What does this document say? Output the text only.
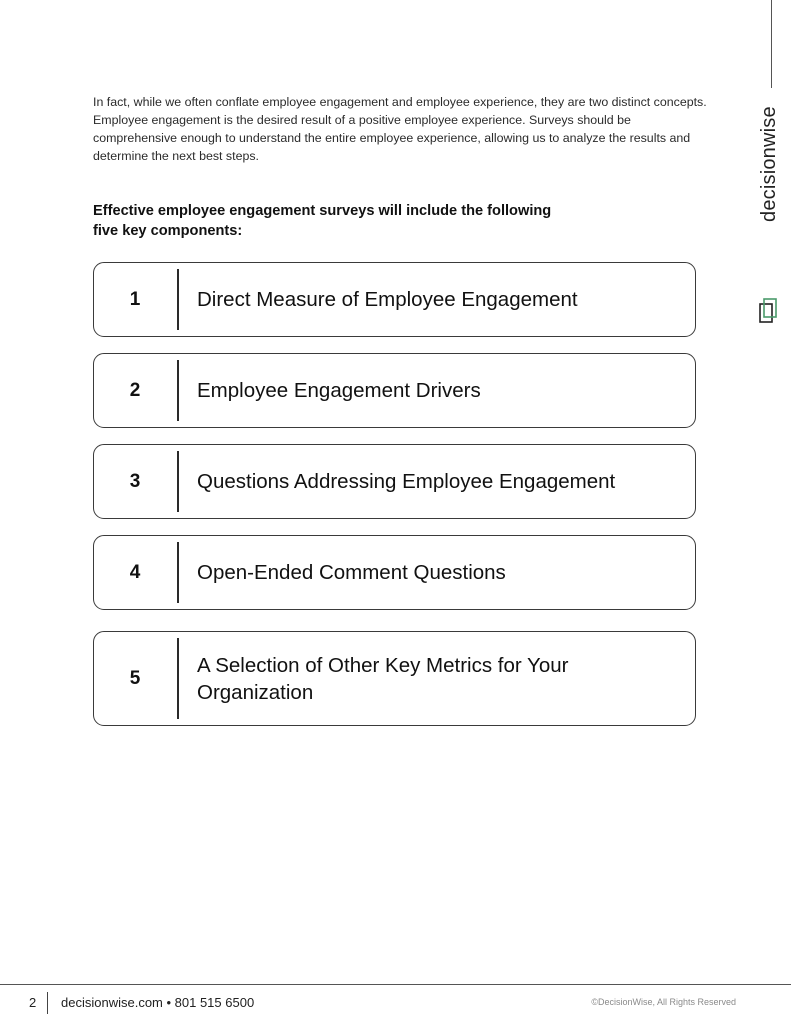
decisionwise

In fact, while we often conflate employee engagement and employee experience, they are two distinct concepts. Employee engagement is the desired result of a positive employee experience. Surveys should be comprehensive enough to understand the entire employee experience, allowing us to analyze the results and determine the next best steps.

Effective employee engagement surveys will include the following
five key components:

1	Direct Measure of Employee Engagement
2	Employee Engagement Drivers
3	Questions Addressing Employee Engagement
4	Open-Ended Comment Questions
5
A Selection of Other Key Metrics for Your Organization
2 decisionwise.com • 801 515 6500	©DecisionWise, All Rights Reserved
